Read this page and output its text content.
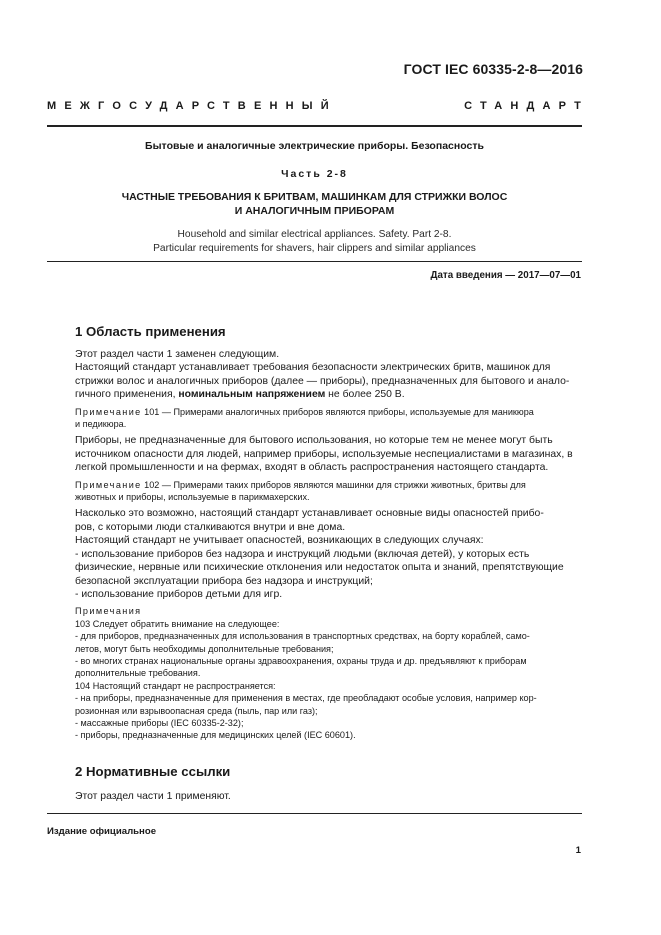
ГОСТ IEC 60335-2-8—2016
МЕЖГОСУДАРСТВЕННЫЙ	СТАНДАРТ
Бытовые и аналогичные электрические приборы. Безопасность
Часть 2-8
ЧАСТНЫЕ ТРЕБОВАНИЯ К БРИТВАМ, МАШИНКАМ ДЛЯ СТРИЖКИ ВОЛОС
И АНАЛОГИЧНЫМ ПРИБОРАМ
Household and similar electrical appliances. Safety. Part 2-8.
Particular requirements for shavers, hair clippers and similar appliances
Дата введения — 2017—07—01
1 Область применения

Этот раздел части 1 заменен следующим.

Настоящий стандарт устанавливает требования безопасности электрических бритв, машинок для

стрижки волос и аналогичных приборов (далее — приборы), предназначенных для бытового и анало-

гичного применения, номинальным напряжением не более 250 В.

Примечание 101 — Примерами аналогичных приборов являются приборы, используемые для маникюра
и педикюра.

Приборы, не предназначенные для бытового использования, но которые тем не менее могут быть

источником опасности для людей, например приборы, используемые неспециалистами в магазинах, в

легкой промышленности и на фермах, входят в область распространения настоящего стандарта.

Примечание 102 — Примерами таких приборов являются машинки для стрижки животных, бритвы для
животных и приборы, используемые в парикмахерских.

Насколько это возможно, настоящий стандарт устанавливает основные виды опасностей прибо-

ров, с которыми люди сталкиваются внутри и вне дома.

Настоящий стандарт не учитывает опасностей, возникающих в следующих случаях:

- использование приборов без надзора и инструкций людьми (включая детей), у которых есть

физические, нервные или психические отклонения или недостаток опыта и знаний, препятствующие

безопасной эксплуатации прибора без надзора и инструкций;

- использование приборов детьми для игр.

Примечания
103 Следует обратить внимание на следующее:
- для приборов, предназначенных для использования в транспортных средствах, на борту кораблей, само-
летов, могут быть необходимы дополнительные требования;
- во многих странах национальные органы здравоохранения, охраны труда и др. предъявляют к приборам
дополнительные требования.
104 Настоящий стандарт не распространяется:
- на приборы, предназначенные для применения в местах, где преобладают особые условия, например кор-
розионная или взрывоопасная среда (пыль, пар или газ);
- массажные приборы (IEC 60335-2-32);
- приборы, предназначенные для медицинских целей (IEC 60601).
2 Нормативные ссылки

Этот раздел части 1 применяют.

Издание официальное
1
